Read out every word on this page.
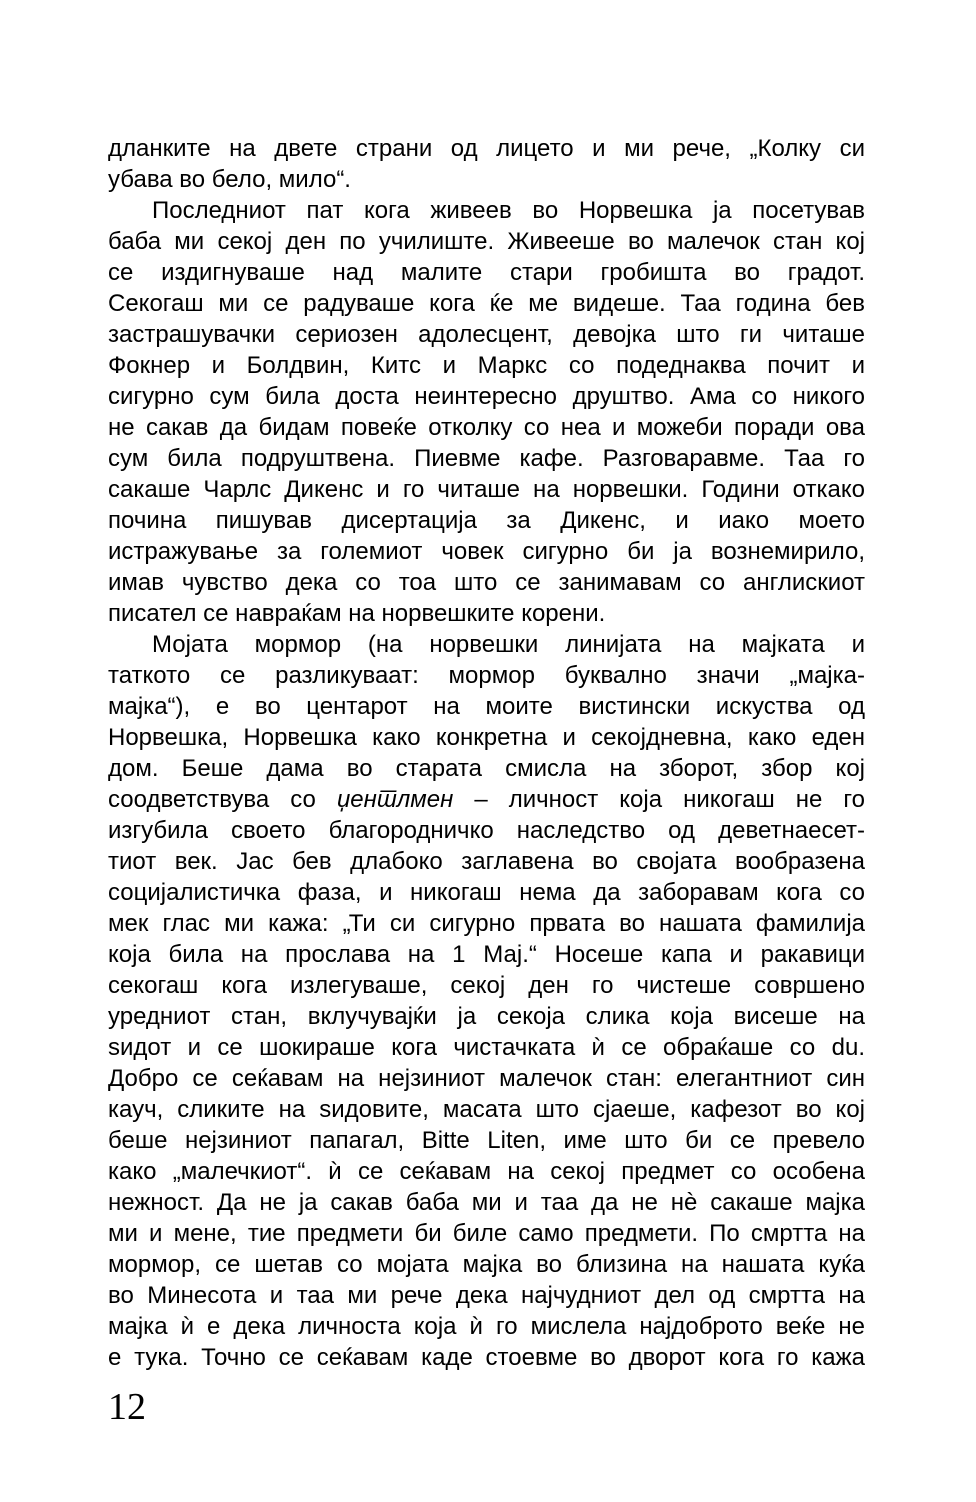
дланките на двете страни од лицето и ми рече, „Колку си
убава во бело, мило“.
Последниот пат кога живеев во Норвешка ја посетував
баба ми секој ден по училиште. Живееше во малечок стан кој
се издигнуваше над малите стари гробишта во градот.
Секогаш ми се радуваше кога ќе ме видеше. Таа година бев
застрашувачки сериозен адолесцент, девојка што ги читаше
Фокнер и Болдвин, Китс и Маркс со подеднаква почит и
сигурно сум била доста неинтересно друштво. Ама со никого
не сакав да бидам повеќе отколку со неа и можеби поради ова
сум била подруштвена. Пиевме кафе. Разговаравме. Таа го
сакаше Чарлс Дикенс и го читаше на норвешки. Години откако
почина пишував дисертација за Дикенс, и иако моето
истражување за големиот човек сигурно би ја вознемирило,
имав чувство дека со тоа што се занимавам со англискиот
писател се навраќам на норвешките корени.
Мојата мормор (на норвешки линијата на мајката и
таткото се разликуваат: мормор буквално значи „мајка-
мајка“), е во центарот на моите вистински искуства од
Норвешка, Норвешка како конкретна и секојдневна, како еден
дом. Беше дама во старата смисла на зборот, збор кој
соодветствува со џентлмен – личност која никогаш не го
изгубила своето благородничко наследство од деветнаесет-
тиот век. Јас бев длабоко заглавена во својата вообразена
социјалистичка фаза, и никогаш нема да заборавам кога со
мек глас ми кажа: „Ти си сигурно првата во нашата фамилија
која била на прослава на 1 Мај.“ Носеше капа и ракавици
секогаш кога излегуваше, секој ден го чистеше совршено
уредниот стан, вклучувајќи ја секоја слика која висеше на
ѕидот и се шокираше кога чистачката ѝ се обраќаше со du.
Добро се сеќавам на нејзиниот малечок стан: елегантниот син
кауч, сликите на ѕидовите, масата што сјаеше, кафезот во кој
беше нејзиниот папагал, Bitte Liten, име што би се превело
како „малечкиот“. ѝ се сеќавам на секој предмет со особена
нежност. Да не ја сакав баба ми и таа да не нѐ сакаше мајка
ми и мене, тие предмети би биле само предмети. По смртта на
мормор, се шетав со мојата мајка во близина на нашата куќа
во Минесота и таа ми рече дека најчудниот дел од смртта на
мајка ѝ е дека личноста која ѝ го мислела најдоброто веќе не
е тука. Точно се сеќавам каде стоевме во дворот кога го кажа
12
